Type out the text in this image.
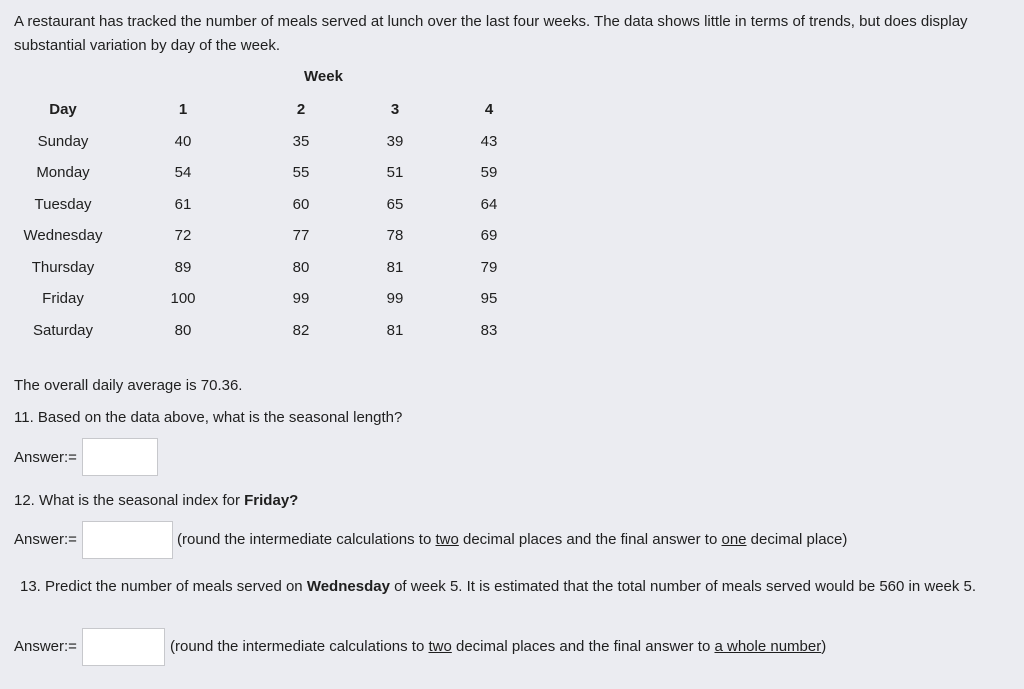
A restaurant has tracked the number of meals served at lunch over the last four weeks. The data shows little in terms of trends, but does display substantial variation by day of the week.

Week
Day	1	2	3	4
Sunday	40	35	39	43
Monday	54	55	51	59
Tuesday	61	60	65	64
Wednesday	72	77	78	69
Thursday	89	80	81	79
Friday	100	99	99	95
Saturday	80	82	81	83

The overall daily average is 70.36.

11. Based on the data above, what is the seasonal length?

Answer:=

12. What is the seasonal index for Friday?

Answer:=	(round the intermediate calculations to two decimal places and the final answer to one decimal place)

13. Predict the number of meals served on Wednesday of week 5. It is estimated that the total number of meals served would be 560 in week 5.

Answer:=	(round the intermediate calculations to two decimal places and the final answer to a whole number)
